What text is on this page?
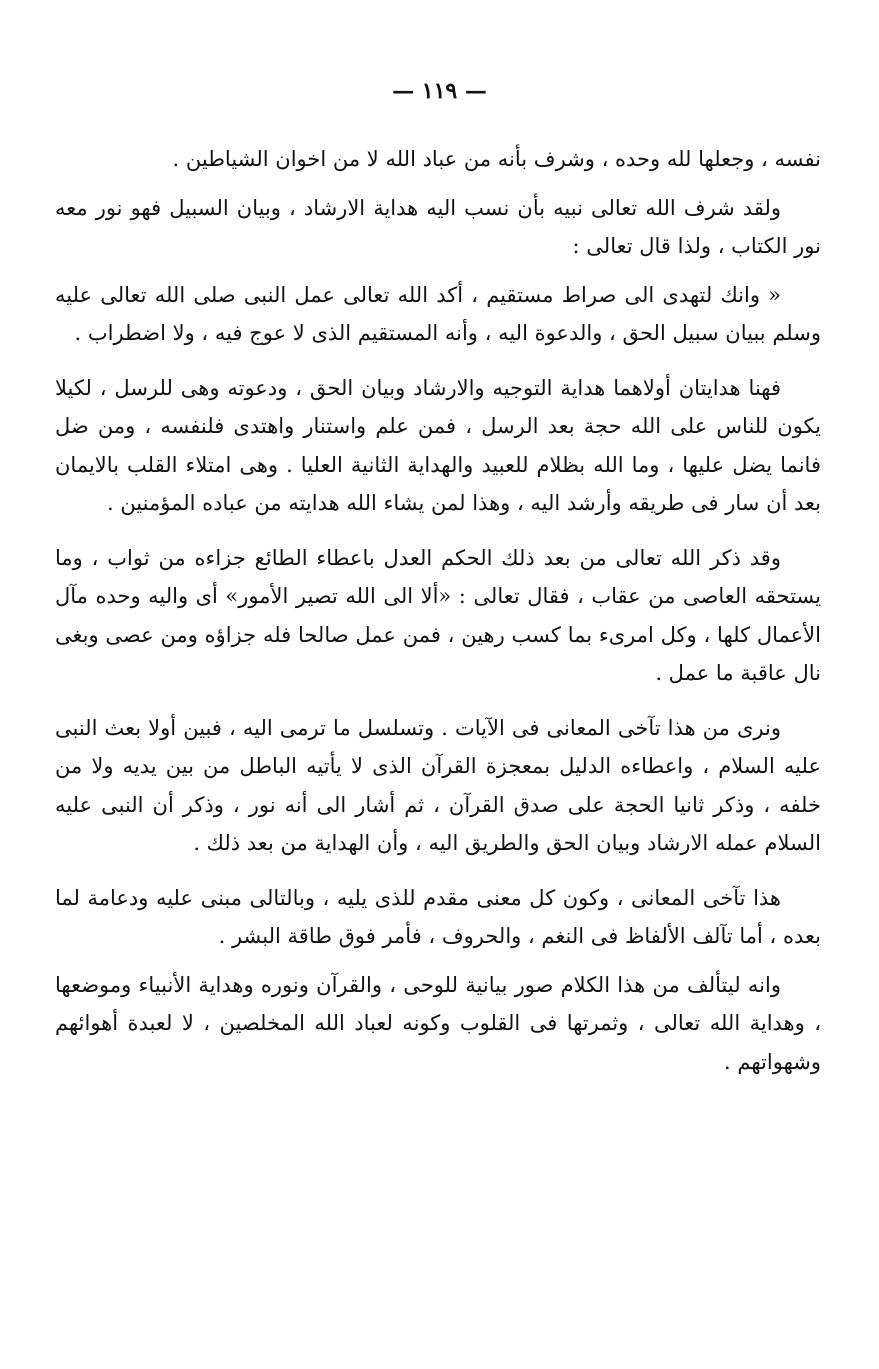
— ١١٩ —

نفسه ، وجعلها لله وحده ، وشرف بأنه من عباد الله لا من اخوان الشياطين .

ولقد شرف الله تعالى نبيه بأن نسب اليه هداية الارشاد ، وبيان السبيل فهو نور معه نور الكتاب ، ولذا قال تعالى :

« وانك لتهدى الى صراط مستقيم ، أكد الله تعالى عمل النبى صلى الله تعالى عليه وسلم ببيان سبيل الحق ، والدعوة اليه ، وأنه المستقيم الذى لا عوج فيه ، ولا اضطراب .

فهنا هدايتان أولاهما هداية التوجيه والارشاد وبيان الحق ، ودعوته وهى للرسل ، لكيلا يكون للناس على الله حجة بعد الرسل ، فمن علم واستنار واهتدى فلنفسه ، ومن ضل فانما يضل عليها ، وما الله بظلام للعبيد والهداية الثانية العليا . وهى امتلاء القلب بالايمان بعد أن سار فى طريقه وأرشد اليه ، وهذا لمن يشاء الله هدايته من عباده المؤمنين .

وقد ذكر الله تعالى من بعد ذلك الحكم العدل باعطاء الطائع جزاءه من ثواب ، وما يستحقه العاصى من عقاب ، فقال تعالى : «ألا الى الله تصير الأمور» أى واليه وحده مآل الأعمال كلها ، وكل امرىء بما كسب رهين ، فمن عمل صالحا فله جزاؤه ومن عصى وبغى نال عاقبة ما عمل .

ونرى من هذا تآخى المعانى فى الآيات . وتسلسل ما ترمى اليه ، فبين أولا بعث النبى عليه السلام ، واعطاءه الدليل بمعجزة القرآن الذى لا يأتيه الباطل من بين يديه ولا من خلفه ، وذكر ثانيا الحجة على صدق القرآن ، ثم أشار الى أنه نور ، وذكر أن النبى عليه السلام عمله الارشاد وبيان الحق والطريق اليه ، وأن الهداية من بعد ذلك .

هذا تآخى المعانى ، وكون كل معنى مقدم للذى يليه ، وبالتالى مبنى عليه ودعامة لما بعده ، أما تآلف الألفاظ فى النغم ، والحروف ، فأمر فوق طاقة البشر .

وانه ليتألف من هذا الكلام صور بيانية للوحى ، والقرآن ونوره وهداية الأنبياء وموضعها ، وهداية الله تعالى ، وثمرتها فى القلوب وكونه لعباد الله المخلصين ، لا لعبدة أهوائهم وشهواتهم .
